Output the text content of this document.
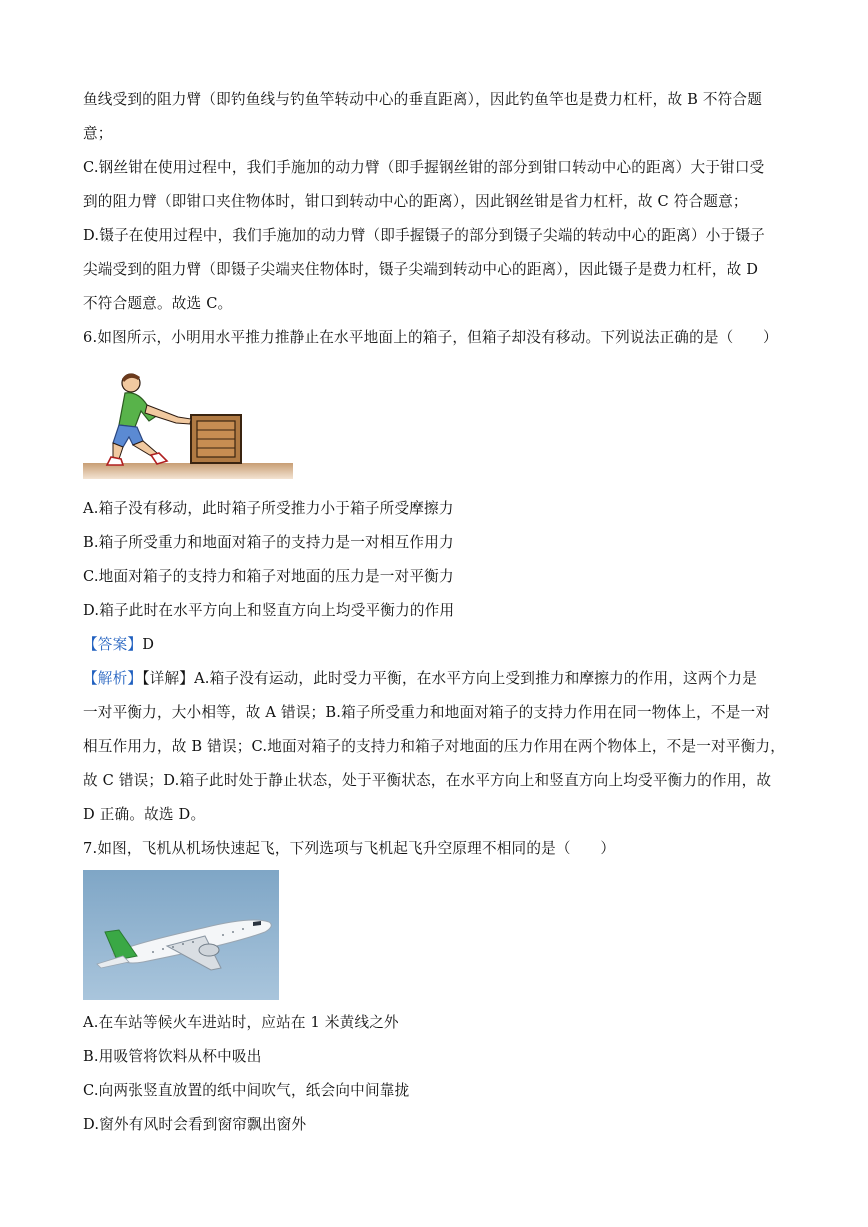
鱼线受到的阻力臂（即钓鱼线与钓鱼竿转动中心的垂直距离），因此钓鱼竿也是费力杠杆，故 B 不符合题
意；
C.钢丝钳在使用过程中，我们手施加的动力臂（即手握钢丝钳的部分到钳口转动中心的距离）大于钳口受
到的阻力臂（即钳口夹住物体时，钳口到转动中心的距离），因此钢丝钳是省力杠杆，故 C 符合题意；
D.镊子在使用过程中，我们手施加的动力臂（即手握镊子的部分到镊子尖端的转动中心的距离）小于镊子
尖端受到的阻力臂（即镊子尖端夹住物体时，镊子尖端到转动中心的距离），因此镊子是费力杠杆，故 D
不符合题意。故选 C。
6.如图所示，小明用水平推力推静止在水平地面上的箱子，但箱子却没有移动。下列说法正确的是（　　）
A.箱子没有移动，此时箱子所受推力小于箱子所受摩擦力
B.箱子所受重力和地面对箱子的支持力是一对相互作用力
C.地面对箱子的支持力和箱子对地面的压力是一对平衡力
D.箱子此时在水平方向上和竖直方向上均受平衡力的作用
【答案】D
【解析】【详解】A.箱子没有运动，此时受力平衡，在水平方向上受到推力和摩擦力的作用，这两个力是
一对平衡力，大小相等，故 A 错误；B.箱子所受重力和地面对箱子的支持力作用在同一物体上，不是一对
相互作用力，故 B 错误；C.地面对箱子的支持力和箱子对地面的压力作用在两个物体上，不是一对平衡力，
故 C 错误；D.箱子此时处于静止状态，处于平衡状态，在水平方向上和竖直方向上均受平衡力的作用，故
D 正确。故选 D。
7.如图，飞机从机场快速起飞，下列选项与飞机起飞升空原理不相同的是（　　）
A.在车站等候火车进站时，应站在 1 米黄线之外
B.用吸管将饮料从杯中吸出
C.向两张竖直放置的纸中间吹气，纸会向中间靠拢
D.窗外有风时会看到窗帘飘出窗外
